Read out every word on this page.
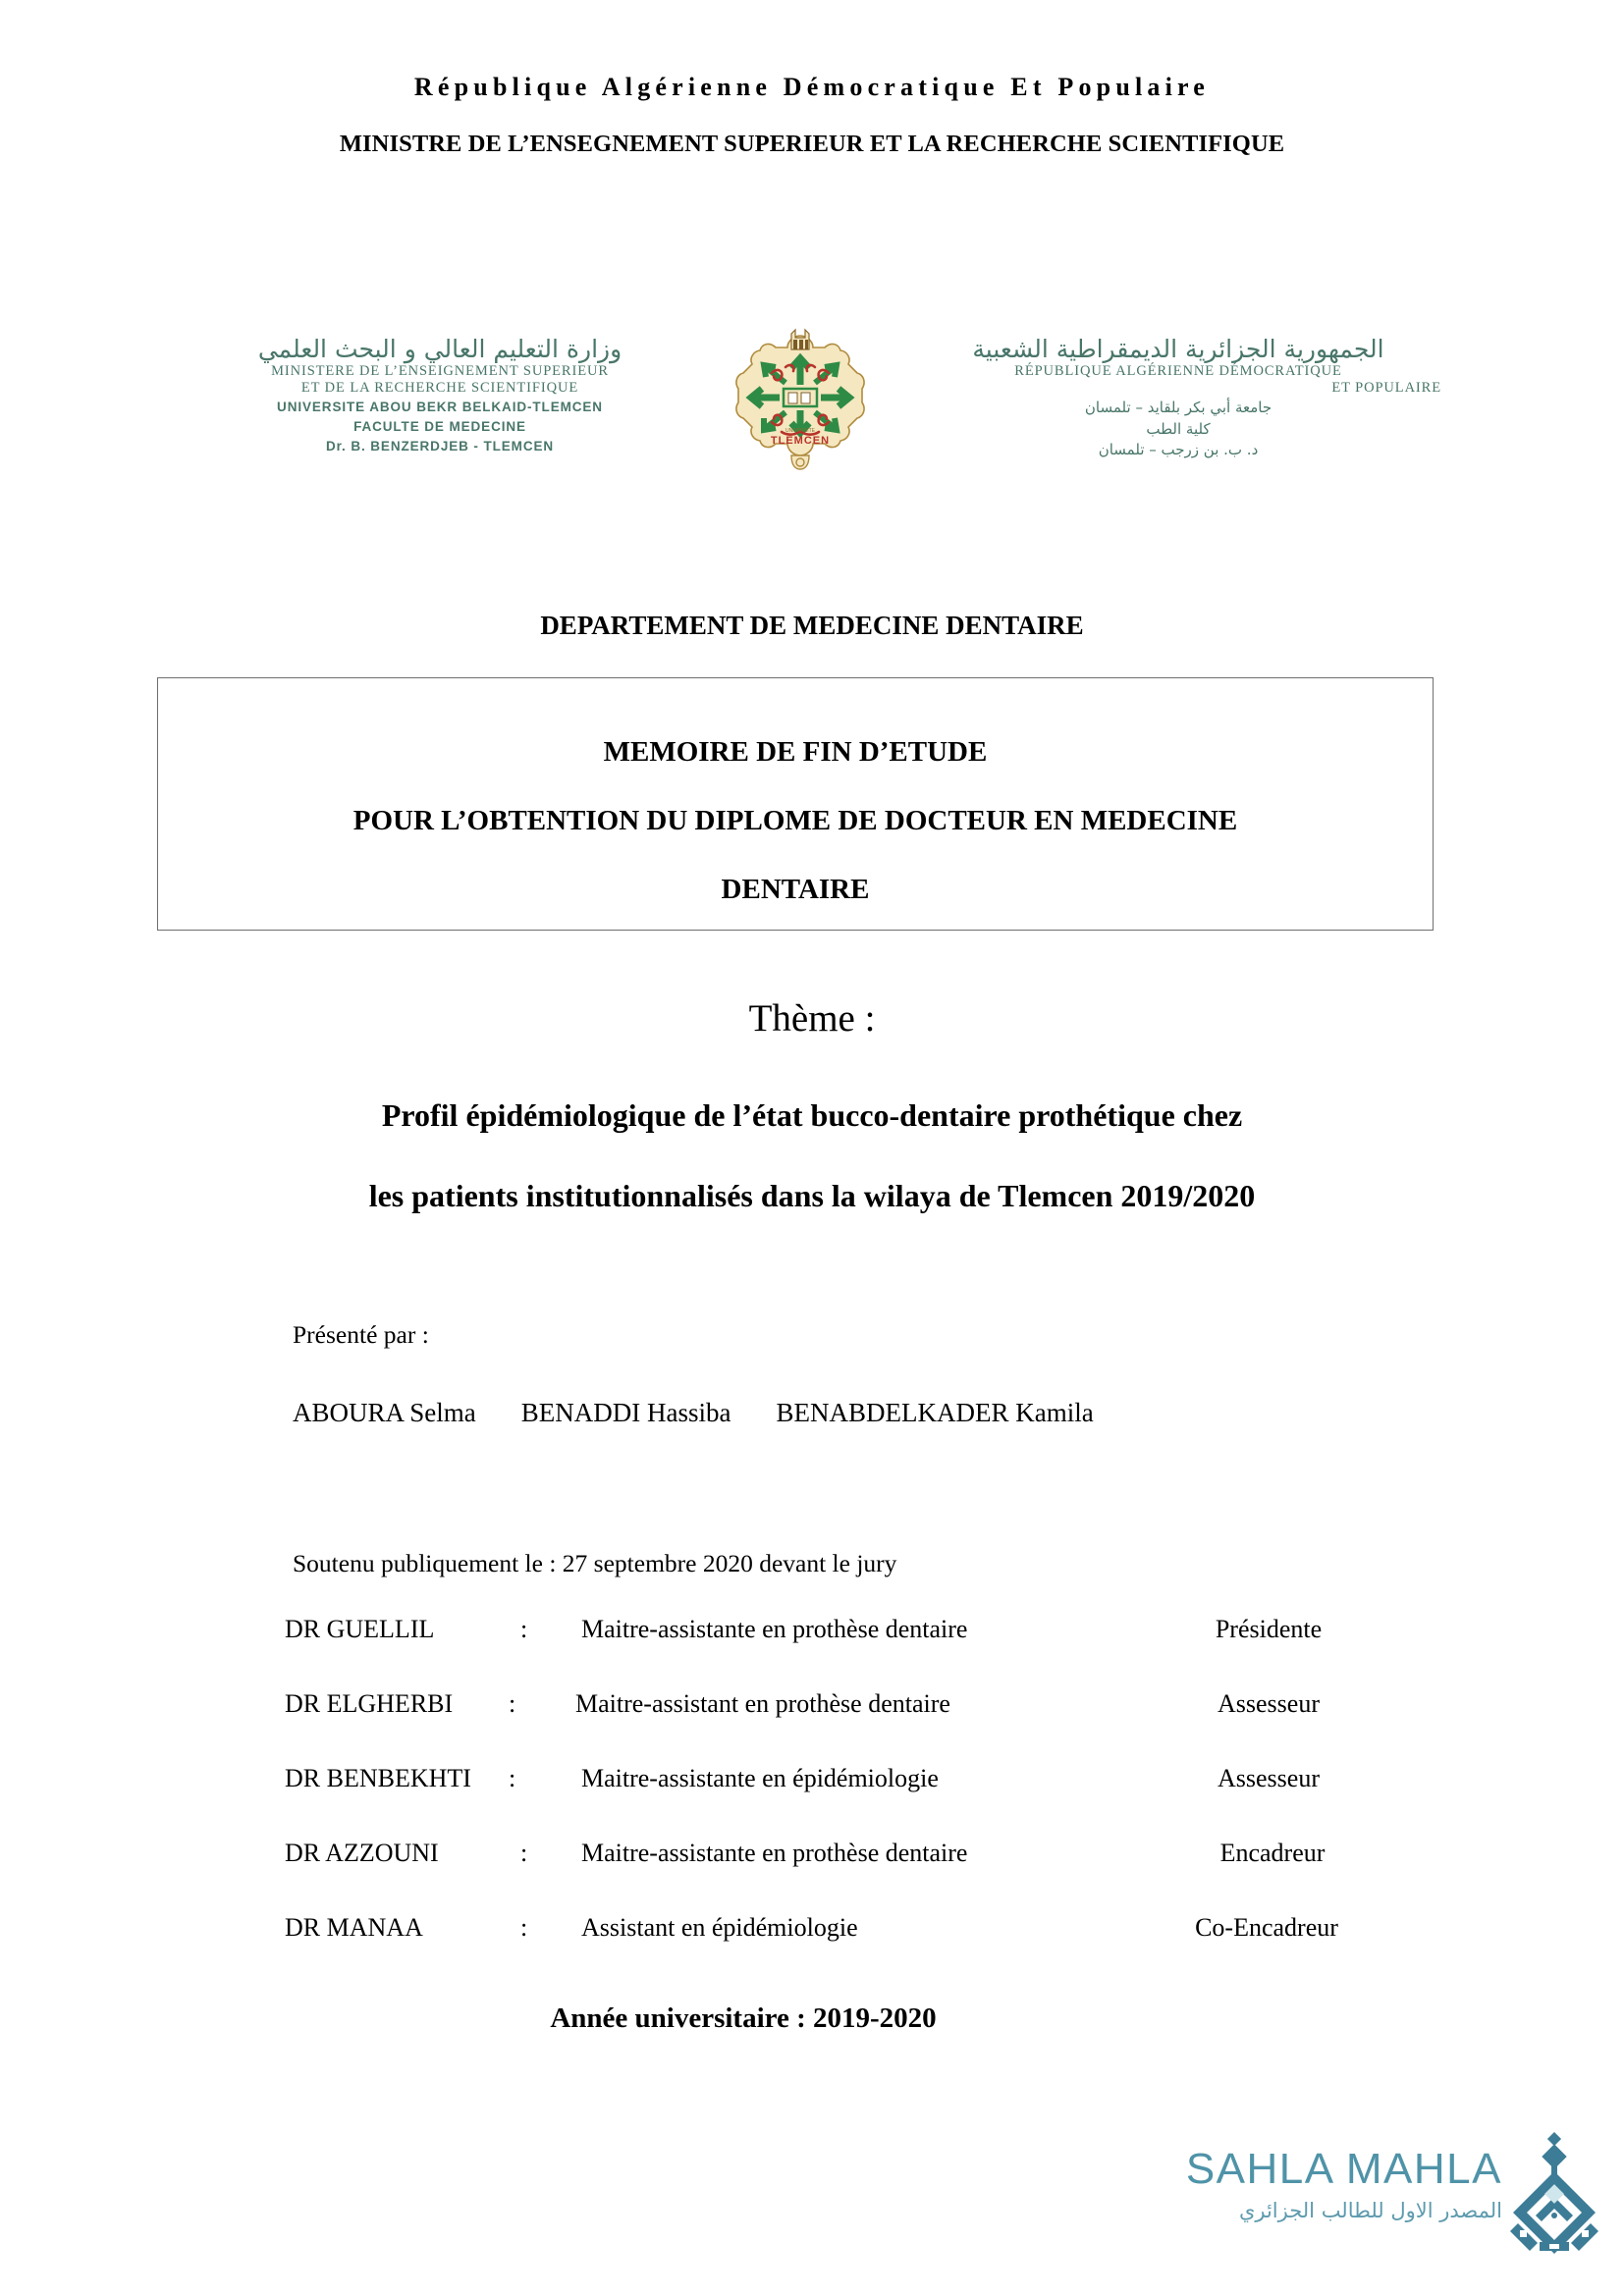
République Algérienne Démocratique Et Populaire
MINISTRE DE L’ENSEGNEMENT SUPERIEUR ET LA RECHERCHE SCIENTIFIQUE
وزارة التعليم العالي و البحث العلمي
MINISTERE DE L’ENSEIGNEMENT SUPERIEUR
ET DE LA RECHERCHE SCIENTIFIQUE
UNIVERSITE ABOU BEKR BELKAID-TLEMCEN
FACULTE DE MEDECINE
Dr. B. BENZERDJEB - TLEMCEN	TLEMCEN
UNIVERSITE
الجمهورية الجزائرية الديمقراطية الشعبية
RÉPUBLIQUE ALGÉRIENNE DÉMOCRATIQUE
ET POPULAIRE
جامعة أبي بكر بلقايد – تلمسان
كلية الطب
د. ب. بن زرجب – تلمسان
DEPARTEMENT DE MEDECINE DENTAIRE
MEMOIRE DE FIN D’ETUDE
POUR L’OBTENTION DU DIPLOME DE DOCTEUR EN MEDECINE
DENTAIRE
Thème :
Profil épidémiologique de l’état bucco-dentaire prothétique chez
les patients institutionnalisés dans la wilaya de Tlemcen 2019/2020
Présenté par :
ABOURA Selma BENADDI Hassiba BENABDELKADER Kamila
Soutenu publiquement le : 27 septembre 2020 devant le jury
DR GUELLIL	: Maitre-assistante en prothèse dentaire	Présidente
DR ELGHERBI	: Maitre-assistant en prothèse dentaire	Assesseur
DR BENBEKHTI	:	Maitre-assistante en épidémiologie	Assesseur
DR AZZOUNI	: Maitre-assistante en prothèse dentaire	Encadreur
DR MANAA	: Assistant en épidémiologie	Co-Encadreur
Année universitaire : 2019-2020
SAHLA MAHLA
المصدر الاول للطالب الجزائري
